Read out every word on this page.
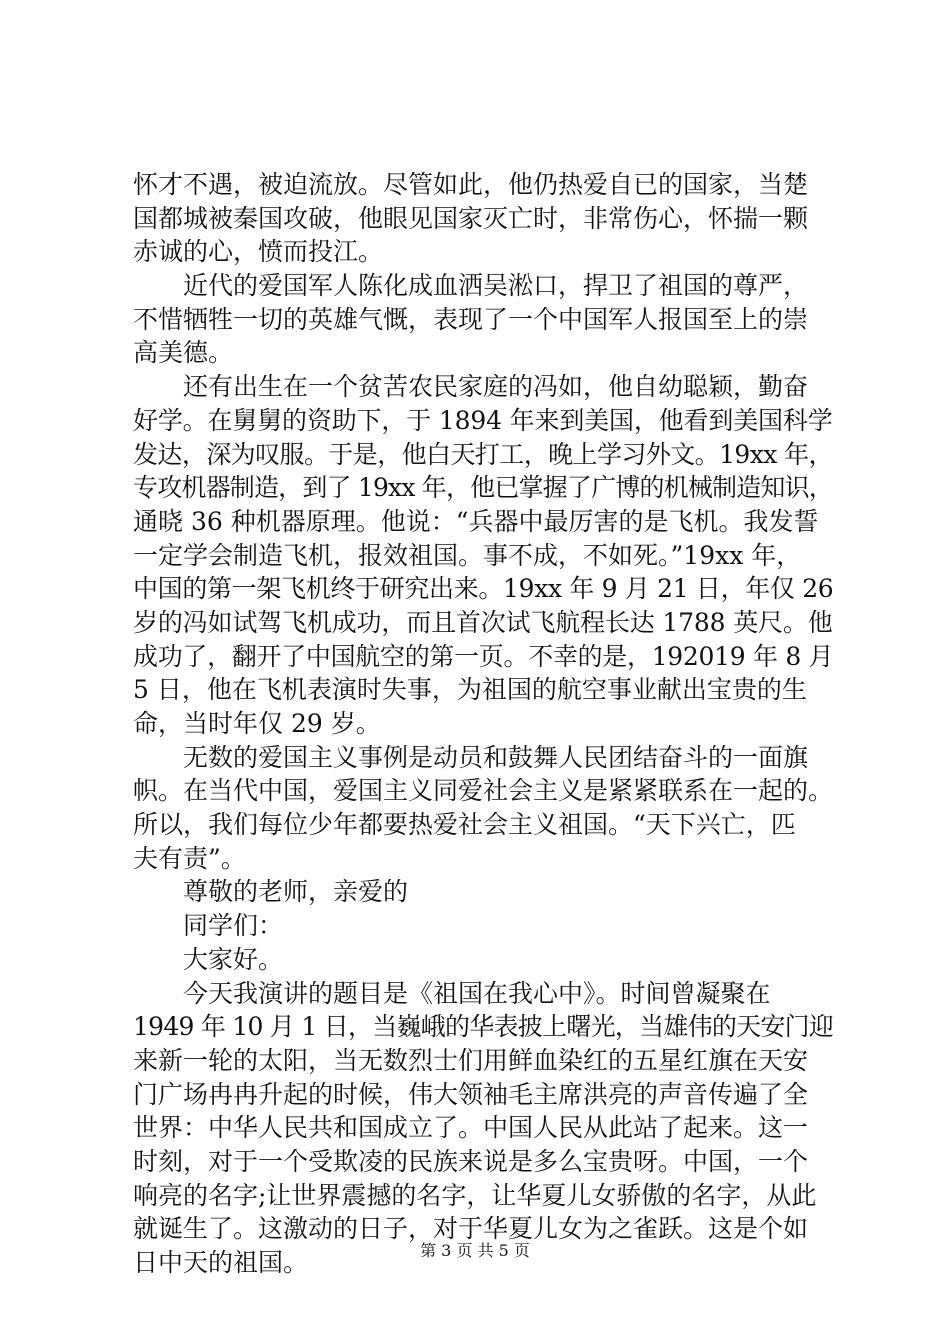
怀才不遇，被迫流放。尽管如此，他仍热爱自已的国家，当楚
国都城被秦国攻破，他眼见国家灭亡时，非常伤心，怀揣一颗
赤诚的心，愤而投江。
近代的爱国军人陈化成血洒吴淞口，捍卫了祖国的尊严，
不惜牺牲一切的英雄气慨，表现了一个中国军人报国至上的崇
高美德。
还有出生在一个贫苦农民家庭的冯如，他自幼聪颖，勤奋
好学。在舅舅的资助下，于 1894 年来到美国，他看到美国科学
发达，深为叹服。于是，他白天打工，晚上学习外文。19xx 年，
专攻机器制造，到了 19xx 年，他已掌握了广博的机械制造知识，
通晓 36 种机器原理。他说：“兵器中最厉害的是飞机。我发誓
一定学会制造飞机，报效祖国。事不成，不如死。”19xx 年，
中国的第一架飞机终于研究出来。19xx 年 9 月 21 日，年仅 26
岁的冯如试驾飞机成功，而且首次试飞航程长达 1788 英尺。他
成功了，翻开了中国航空的第一页。不幸的是，192019 年 8 月
5 日，他在飞机表演时失事，为祖国的航空事业献出宝贵的生
命，当时年仅 29 岁。
无数的爱国主义事例是动员和鼓舞人民团结奋斗的一面旗
帜。在当代中国，爱国主义同爱社会主义是紧紧联系在一起的。
所以，我们每位少年都要热爱社会主义祖国。“天下兴亡，匹
夫有责”。
尊敬的老师，亲爱的
同学们：
大家好。
今天我演讲的题目是《祖国在我心中》。时间曾凝聚在
1949 年 10 月 1 日，当巍峨的华表披上曙光，当雄伟的天安门迎
来新一轮的太阳，当无数烈士们用鲜血染红的五星红旗在天安
门广场冉冉升起的时候，伟大领袖毛主席洪亮的声音传遍了全
世界：中华人民共和国成立了。中国人民从此站了起来。这一
时刻，对于一个受欺凌的民族来说是多么宝贵呀。中国，一个
响亮的名字;让世界震撼的名字，让华夏儿女骄傲的名字，从此
就诞生了。这激动的日子，对于华夏儿女为之雀跃。这是个如
日中天的祖国。	第 3 页 共 5 页
